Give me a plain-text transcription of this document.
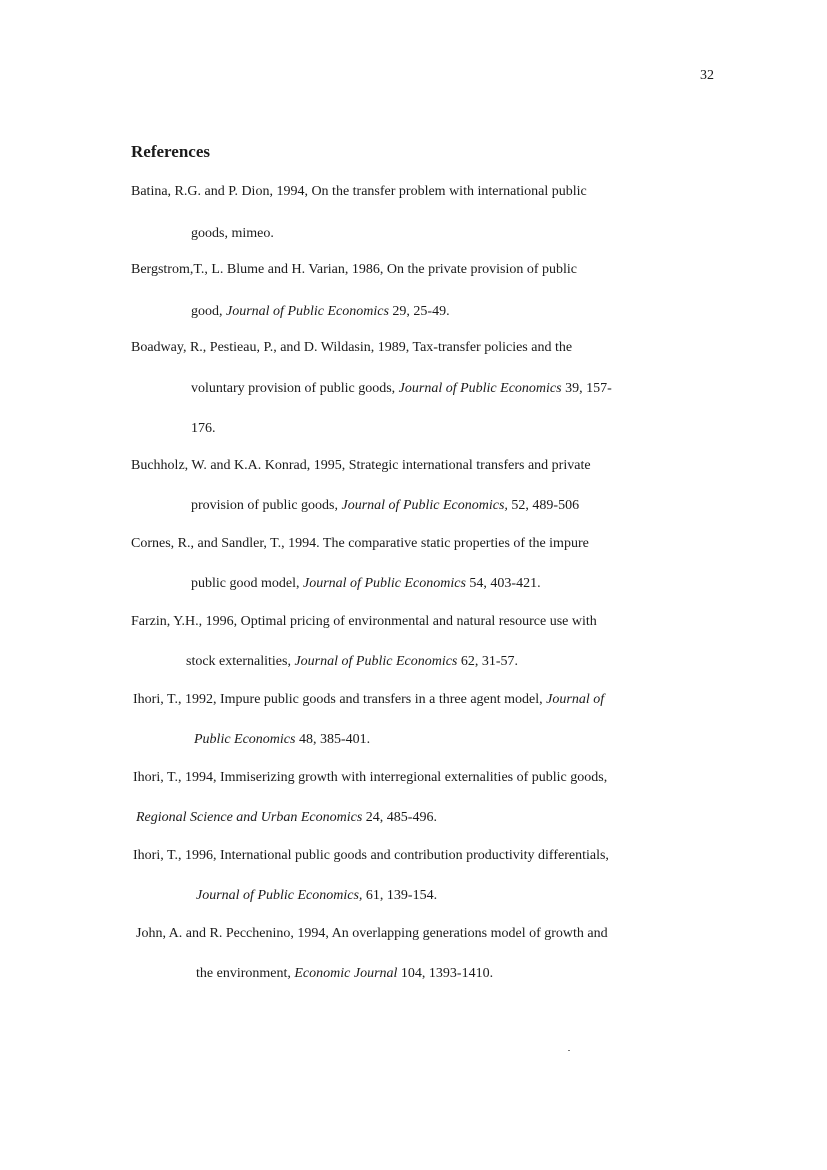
32
References
Batina, R.G. and P. Dion, 1994, On the transfer problem with international public
goods, mimeo.
Bergstrom,T., L. Blume and H. Varian, 1986, On the private provision of public
good, Journal of Public Economics 29, 25-49.
Boadway, R., Pestieau, P., and D. Wildasin, 1989, Tax-transfer policies and the
voluntary provision of public goods, Journal of Public Economics 39, 157-
176.
Buchholz, W. and K.A. Konrad, 1995, Strategic international transfers and private
provision of public goods, Journal of Public Economics, 52, 489-506
Cornes, R., and Sandler, T., 1994. The comparative static properties of the impure
public good model, Journal of Public Economics 54, 403-421.
Farzin, Y.H., 1996, Optimal pricing of environmental and natural resource use with
stock externalities, Journal of Public Economics 62, 31-57.
Ihori, T., 1992, Impure public goods and transfers in a three agent model, Journal of
Public Economics 48, 385-401.
Ihori, T., 1994, Immiserizing growth with interregional externalities of public goods,
Regional Science and Urban Economics 24, 485-496.
Ihori, T., 1996, International public goods and contribution productivity differentials,
Journal of Public Economics, 61, 139-154.
John, A. and R. Pecchenino, 1994, An overlapping generations model of growth and
the environment, Economic Journal 104, 1393-1410.
